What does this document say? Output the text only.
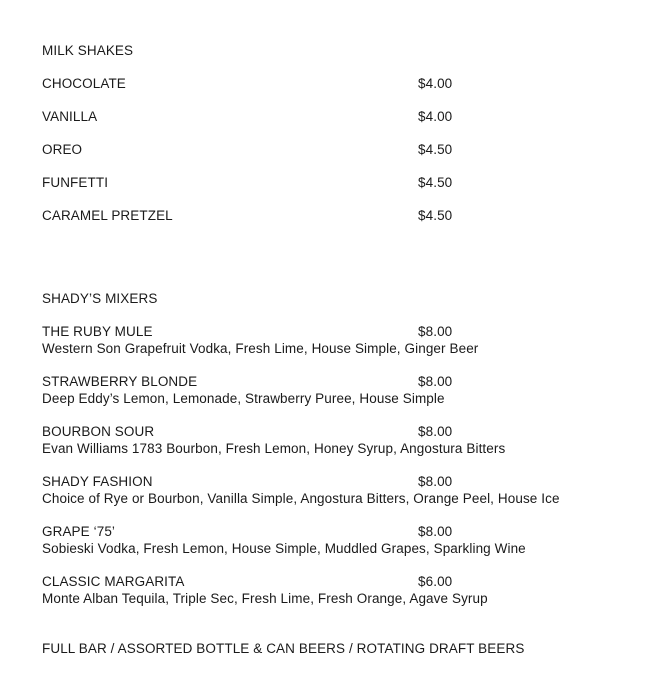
MILK SHAKES
CHOCOLATE	$4.00
VANILLA	$4.00
OREO	$4.50
FUNFETTI	$4.50
CARAMEL PRETZEL	$4.50
SHADY’S MIXERS
THE RUBY MULE	$8.00
Western Son Grapefruit Vodka, Fresh Lime, House Simple, Ginger Beer
STRAWBERRY BLONDE	$8.00
Deep Eddy’s Lemon, Lemonade, Strawberry Puree, House Simple
BOURBON SOUR	$8.00
Evan Williams 1783 Bourbon, Fresh Lemon, Honey Syrup, Angostura Bitters
SHADY FASHION	$8.00
Choice of Rye or Bourbon, Vanilla Simple, Angostura Bitters, Orange Peel, House Ice
GRAPE ‘75’	$8.00
Sobieski Vodka, Fresh Lemon, House Simple, Muddled Grapes, Sparkling Wine
CLASSIC MARGARITA	$6.00
Monte Alban Tequila, Triple Sec, Fresh Lime, Fresh Orange, Agave Syrup
FULL BAR / ASSORTED BOTTLE & CAN BEERS / ROTATING DRAFT BEERS
